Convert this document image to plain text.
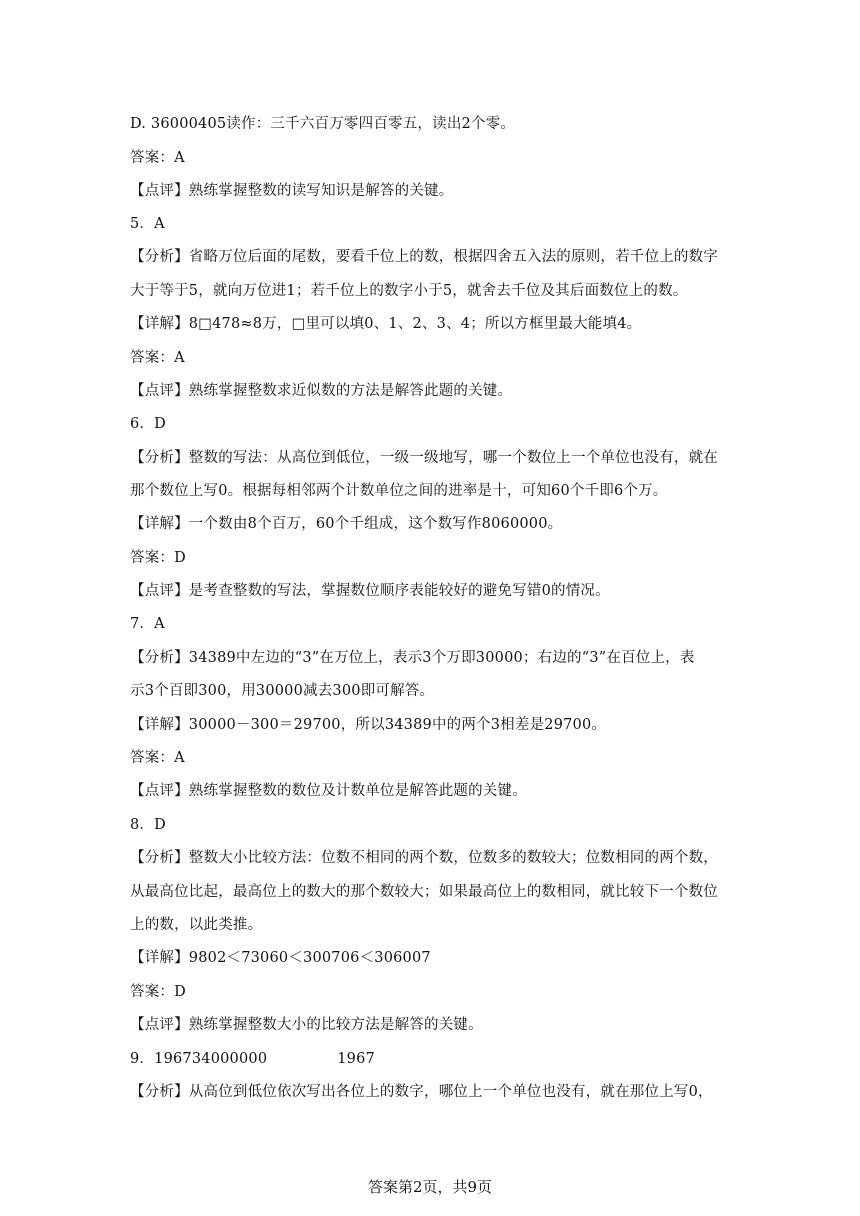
D. 36000405读作：三千六百万零四百零五，读出2个零。
答案：A
【点评】熟练掌握整数的读写知识是解答的关键。
5．A
【分析】省略万位后面的尾数，要看千位上的数，根据四舍五入法的原则，若千位上的数字
大于等于5，就向万位进1；若千位上的数字小于5，就舍去千位及其后面数位上的数。
【详解】8□478≈8万，□里可以填0、1、2、3、4；所以方框里最大能填4。
答案：A
【点评】熟练掌握整数求近似数的方法是解答此题的关键。
6．D
【分析】整数的写法：从高位到低位，一级一级地写，哪一个数位上一个单位也没有，就在
那个数位上写0。根据每相邻两个计数单位之间的进率是十，可知60个千即6个万。
【详解】一个数由8个百万，60个千组成，这个数写作8060000。
答案：D
【点评】是考查整数的写法，掌握数位顺序表能较好的避免写错0的情况。
7．A
【分析】34389中左边的“3”在万位上，表示3个万即30000；右边的“3”在百位上，表
示3个百即300，用30000减去300即可解答。
【详解】30000－300＝29700，所以34389中的两个3相差是29700。
答案：A
【点评】熟练掌握整数的数位及计数单位是解答此题的关键。
8．D
【分析】整数大小比较方法：位数不相同的两个数，位数多的数较大；位数相同的两个数，
从最高位比起，最高位上的数大的那个数较大；如果最高位上的数相同，就比较下一个数位
上的数，以此类推。
【详解】9802＜73060＜300706＜306007
答案：D
【点评】熟练掌握整数大小的比较方法是解答的关键。
9．196734000000	1967
【分析】从高位到低位依次写出各位上的数字，哪位上一个单位也没有，就在那位上写0，
答案第2页，共9页
